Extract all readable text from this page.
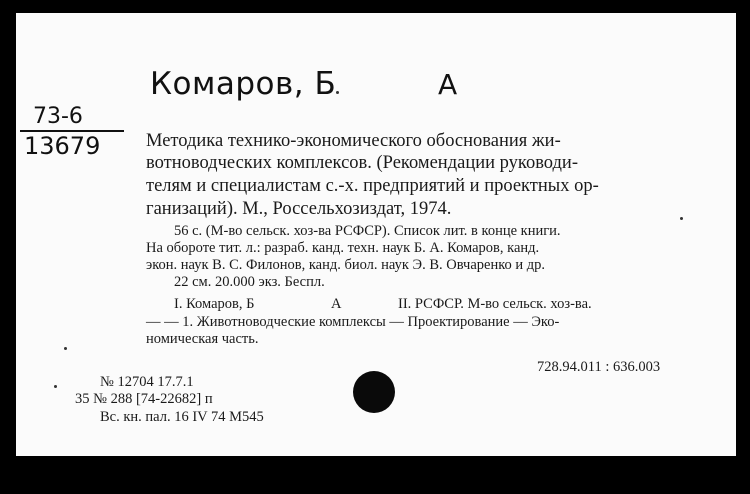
Комаров, Б	А
73-6
13679 Методика технико-экономического обоснования жи-
вотноводческих комплексов. (Рекомендации руководи-
телям и специалистам с.-х. предприятий и проектных ор-
ганизаций). М., Россельхозиздат, 1974.
56 с. (М-во сельск. хоз-ва РСФСР). Список лит. в конце книги.
На обороте тит. л.: разраб. канд. техн. наук Б. А. Комаров, канд.
экон. наук В. С. Филонов, канд. биол. наук Э. В. Овчаренко и др.
22 см. 20.000 экз. Беспл.
I. Комаров, Б	А	II. РСФСР. М-во сельск. хоз-ва.
— — 1. Животноводческие комплексы — Проектирование — Эко-
номическая часть.
728.94.011 : 636.003
№ 12704 17.7.1
35 № 288 [74-22682] п
Вс. кн. пал. 16 IV 74 М545
